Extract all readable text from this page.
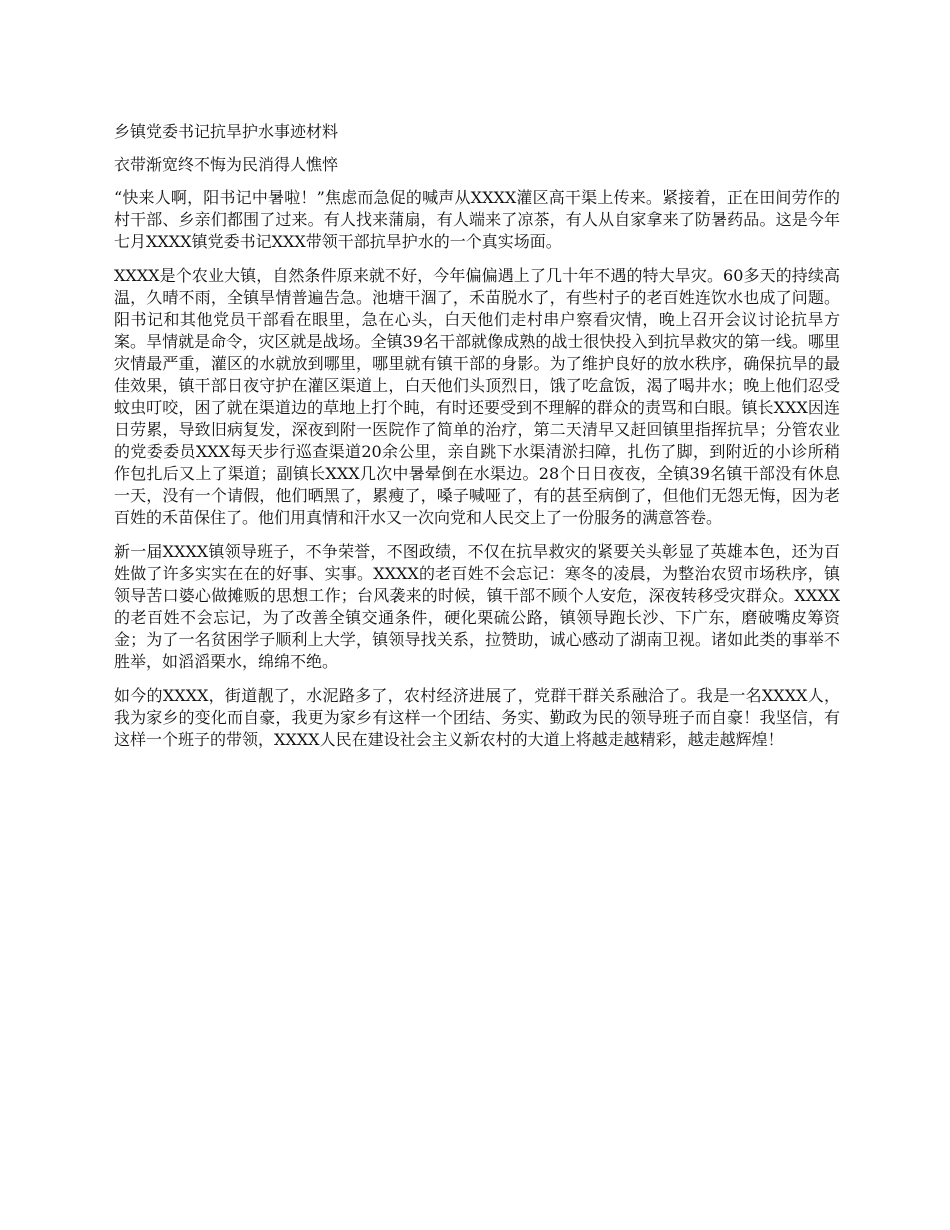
乡镇党委书记抗旱护水事迹材料
衣带渐宽终不悔为民消得人憔悴

“快来人啊，阳书记中暑啦！”焦虑而急促的喊声从XXXX灌区高干渠上传来。紧接着，正在田间劳作的村干部、乡亲们都围了过来。有人找来蒲扇，有人端来了凉茶，有人从自家拿来了防暑药品。这是今年七月XXXX镇党委书记XXX带领干部抗旱护水的一个真实场面。

XXXX是个农业大镇，自然条件原来就不好，今年偏偏遇上了几十年不遇的特大旱灾。60多天的持续高温，久晴不雨，全镇旱情普遍告急。池塘干涸了，禾苗脱水了，有些村子的老百姓连饮水也成了问题。阳书记和其他党员干部看在眼里，急在心头，白天他们走村串户察看灾情，晚上召开会议讨论抗旱方案。旱情就是命令，灾区就是战场。全镇39名干部就像成熟的战士很快投入到抗旱救灾的第一线。哪里灾情最严重，灌区的水就放到哪里，哪里就有镇干部的身影。为了维护良好的放水秩序，确保抗旱的最佳效果，镇干部日夜守护在灌区渠道上，白天他们头顶烈日，饿了吃盒饭，渴了喝井水；晚上他们忍受蚊虫叮咬，困了就在渠道边的草地上打个盹，有时还要受到不理解的群众的责骂和白眼。镇长XXX因连日劳累，导致旧病复发，深夜到附一医院作了简单的治疗，第二天清早又赶回镇里指挥抗旱；分管农业的党委委员XXX每天步行巡查渠道20余公里，亲自跳下水渠清淤扫障，扎伤了脚，到附近的小诊所稍作包扎后又上了渠道；副镇长XXX几次中暑晕倒在水渠边。28个日日夜夜，全镇39名镇干部没有休息一天，没有一个请假，他们晒黑了，累瘦了，嗓子喊哑了，有的甚至病倒了，但他们无怨无悔，因为老百姓的禾苗保住了。他们用真情和汗水又一次向党和人民交上了一份服务的满意答卷。

新一届XXXX镇领导班子，不争荣誉，不图政绩，不仅在抗旱救灾的紧要关头彰显了英雄本色，还为百姓做了许多实实在在的好事、实事。XXXX的老百姓不会忘记：寒冬的凌晨，为整治农贸市场秩序，镇领导苦口婆心做摊贩的思想工作；台风袭来的时候，镇干部不顾个人安危，深夜转移受灾群众。XXXX的老百姓不会忘记，为了改善全镇交通条件，硬化栗硫公路，镇领导跑长沙、下广东，磨破嘴皮筹资金；为了一名贫困学子顺利上大学，镇领导找关系，拉赞助，诚心感动了湖南卫视。诸如此类的事举不胜举，如滔滔栗水，绵绵不绝。

如今的XXXX，街道靓了，水泥路多了，农村经济进展了，党群干群关系融洽了。我是一名XXXX人，我为家乡的变化而自豪，我更为家乡有这样一个团结、务实、勤政为民的领导班子而自豪！我坚信，有这样一个班子的带领，XXXX人民在建设社会主义新农村的大道上将越走越精彩，越走越辉煌！
